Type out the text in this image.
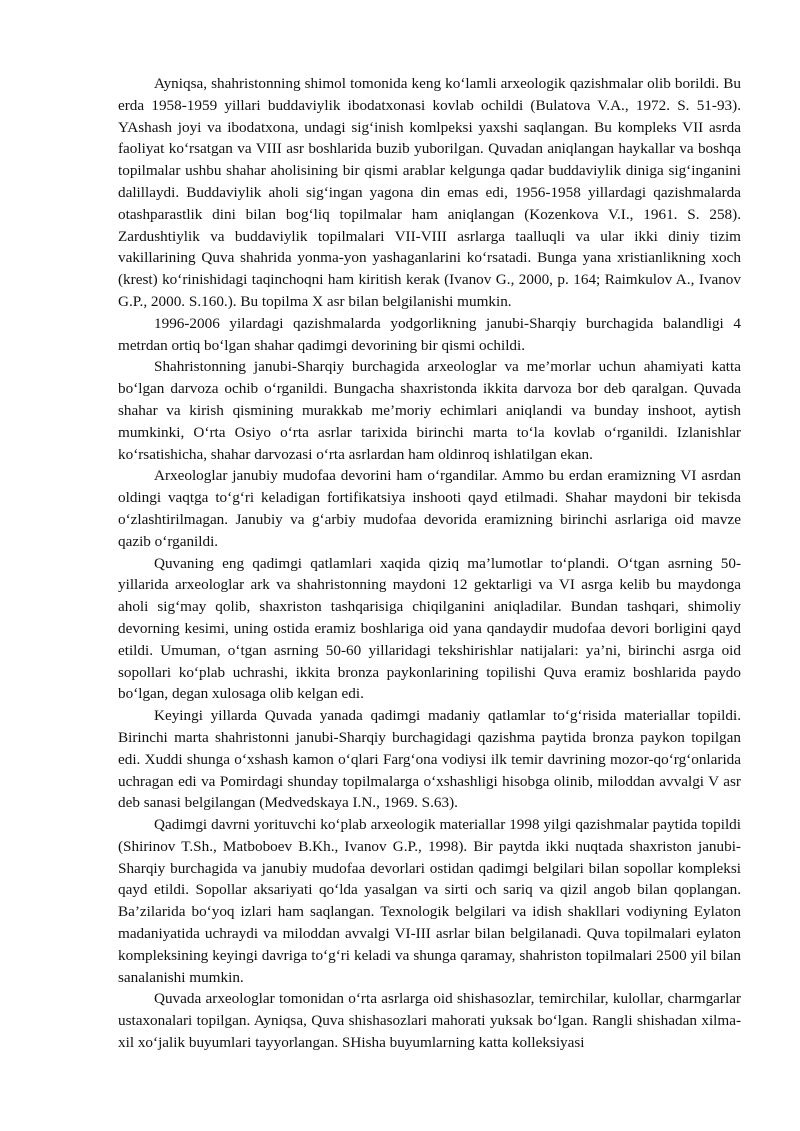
Ayniqsa, shahristonning shimol tomonida keng koʻlamli arxeologik qazishmalar olib borildi. Bu erda 1958-1959 yillari buddaviylik ibodatxonasi kovlab ochildi (Bulatova V.A., 1972. S. 51-93). YAshash joyi va ibodatxona, undagi sigʻinish komlpeksi yaxshi saqlangan. Bu kompleks VII asrda faoliyat koʻrsatgan va VIII asr boshlarida buzib yuborilgan. Quvadan aniqlangan haykallar va boshqa topilmalar ushbu shahar aholisining bir qismi arablar kelgunga qadar buddaviylik diniga sigʻinganini dalillaydi. Buddaviylik aholi sigʻingan yagona din emas edi, 1956-1958 yillardagi qazishmalarda otashparastlik dini bilan bogʻliq topilmalar ham aniqlangan (Kozenkova V.I., 1961. S. 258). Zardushtiylik va buddaviylik topilmalari VII-VIII asrlarga taalluqli va ular ikki diniy tizim vakillarining Quva shahrida yonma-yon yashaganlarini koʻrsatadi. Bunga yana xristianlikning xoch (krest) koʻrinishidagi taqinchoqni ham kiritish kerak (Ivanov G., 2000, p. 164; Raimkulov A., Ivanov G.P., 2000. S.160.). Bu topilma X asr bilan belgilanishi mumkin.

1996-2006 yilardagi qazishmalarda yodgorlikning janubi-Sharqiy burchagida balandligi 4 metrdan ortiq boʻlgan shahar qadimgi devorining bir qismi ochildi.

Shahristonning janubi-Sharqiy burchagida arxeologlar va me’morlar uchun ahamiyati katta boʻlgan darvoza ochib oʻrganildi. Bungacha shaxristonda ikkita darvoza bor deb qaralgan. Quvada shahar va kirish qismining murakkab me’moriy echimlari aniqlandi va bunday inshoot, aytish mumkinki, Oʻrta Osiyo oʻrta asrlar tarixida birinchi marta toʻla kovlab oʻrganildi. Izlanishlar koʻrsatishicha, shahar darvozasi oʻrta asrlardan ham oldinroq ishlatilgan ekan.

Arxeologlar janubiy mudofaa devorini ham oʻrgandilar. Ammo bu erdan eramizning VI asrdan oldingi vaqtga toʻgʻri keladigan fortifikatsiya inshooti qayd etilmadi. Shahar maydoni bir tekisda oʻzlashtirilmagan. Janubiy va gʻarbiy mudofaa devorida eramizning birinchi asrlariga oid mavze qazib oʻrganildi.

Quvaning eng qadimgi qatlamlari xaqida qiziq ma’lumotlar toʻplandi. Oʻtgan asrning 50-yillarida arxeologlar ark va shahristonning maydoni 12 gektarligi va VI asrga kelib bu maydonga aholi sigʻmay qolib, shaxriston tashqarisiga chiqilganini aniqladilar. Bundan tashqari, shimoliy devorning kesimi, uning ostida eramiz boshlariga oid yana qandaydir mudofaa devori borligini qayd etildi. Umuman, oʻtgan asrning 50-60 yillaridagi tekshirishlar natijalari: ya’ni, birinchi asrga oid sopollari koʻplab uchrashi, ikkita bronza paykonlarining topilishi Quva eramiz boshlarida paydo boʻlgan, degan xulosaga olib kelgan edi.

Keyingi yillarda Quvada yanada qadimgi madaniy qatlamlar toʻgʻrisida materiallar topildi. Birinchi marta shahristonni janubi-Sharqiy burchagidagi qazishma paytida bronza paykon topilgan edi. Xuddi shunga oʻxshash kamon oʻqlari Fargʻona vodiysi ilk temir davrining mozor-qoʻrgʻonlarida uchragan edi va Pomirdagi shunday topilmalarga oʻxshashligi hisobga olinib, miloddan avvalgi V asr deb sanasi belgilangan (Medvedskaya I.N., 1969. S.63).

Qadimgi davrni yorituvchi koʻplab arxeologik materiallar 1998 yilgi qazishmalar paytida topildi (Shirinov T.Sh., Matboboev B.Kh., Ivanov G.P., 1998). Bir paytda ikki nuqtada shaxriston janubi-Sharqiy burchagida va janubiy mudofaa devorlari ostidan qadimgi belgilari bilan sopollar kompleksi qayd etildi. Sopollar aksariyati qoʻlda yasalgan va sirti och sariq va qizil angob bilan qoplangan. Ba’zilarida boʻyoq izlari ham saqlangan. Texnologik belgilari va idish shakllari vodiyning Eylaton madaniyatida uchraydi va miloddan avvalgi VI-III asrlar bilan belgilanadi. Quva topilmalari eylaton kompleksining keyingi davriga toʻgʻri keladi va shunga qaramay, shahriston topilmalari 2500 yil bilan sanalanishi mumkin.

Quvada arxeologlar tomonidan oʻrta asrlarga oid shishasozlar, temirchilar, kulollar, charmgarlar ustaxonalari topilgan. Ayniqsa, Quva shishasozlari mahorati yuksak boʻlgan. Rangli shishadan xilma-xil xoʻjalik buyumlari tayyorlangan. SHisha buyumlarning katta kolleksiyasi
